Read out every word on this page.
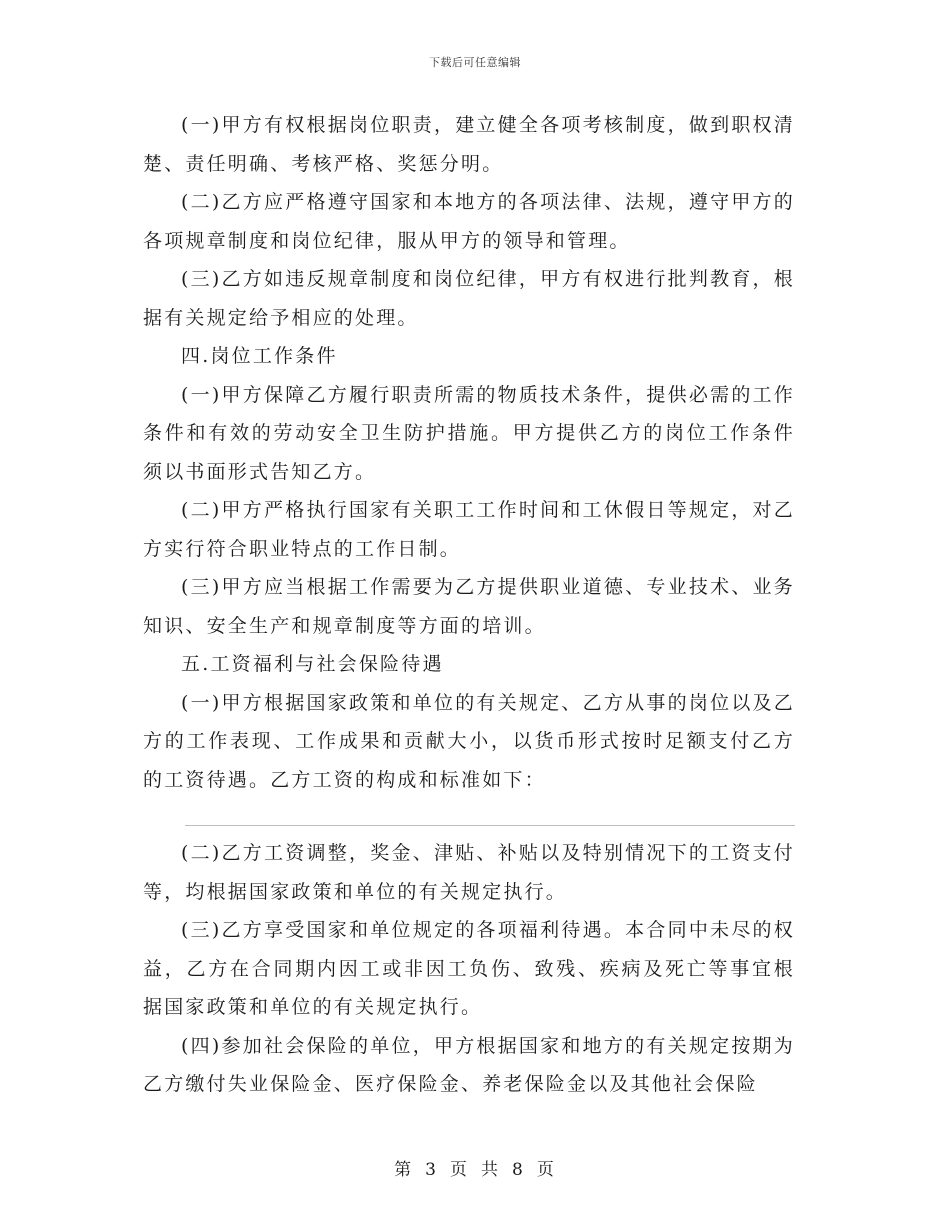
下载后可任意编辑

(一)甲方有权根据岗位职责，建立健全各项考核制度，做到职权清楚、责任明确、考核严格、奖惩分明。

(二)乙方应严格遵守国家和本地方的各项法律、法规，遵守甲方的各项规章制度和岗位纪律，服从甲方的领导和管理。

(三)乙方如违反规章制度和岗位纪律，甲方有权进行批判教育，根据有关规定给予相应的处理。

四.岗位工作条件

(一)甲方保障乙方履行职责所需的物质技术条件，提供必需的工作条件和有效的劳动安全卫生防护措施。甲方提供乙方的岗位工作条件须以书面形式告知乙方。

(二)甲方严格执行国家有关职工工作时间和工休假日等规定，对乙方实行符合职业特点的工作日制。

(三)甲方应当根据工作需要为乙方提供职业道德、专业技术、业务知识、安全生产和规章制度等方面的培训。

五.工资福利与社会保险待遇

(一)甲方根据国家政策和单位的有关规定、乙方从事的岗位以及乙方的工作表现、工作成果和贡献大小，以货币形式按时足额支付乙方的工资待遇。乙方工资的构成和标准如下：

(二)乙方工资调整，奖金、津贴、补贴以及特别情况下的工资支付等，均根据国家政策和单位的有关规定执行。

(三)乙方享受国家和单位规定的各项福利待遇。本合同中未尽的权益，乙方在合同期内因工或非因工负伤、致残、疾病及死亡等事宜根据国家政策和单位的有关规定执行。

(四)参加社会保险的单位，甲方根据国家和地方的有关规定按期为乙方缴付失业保险金、医疗保险金、养老保险金以及其他社会保险

第 3 页 共 8 页
